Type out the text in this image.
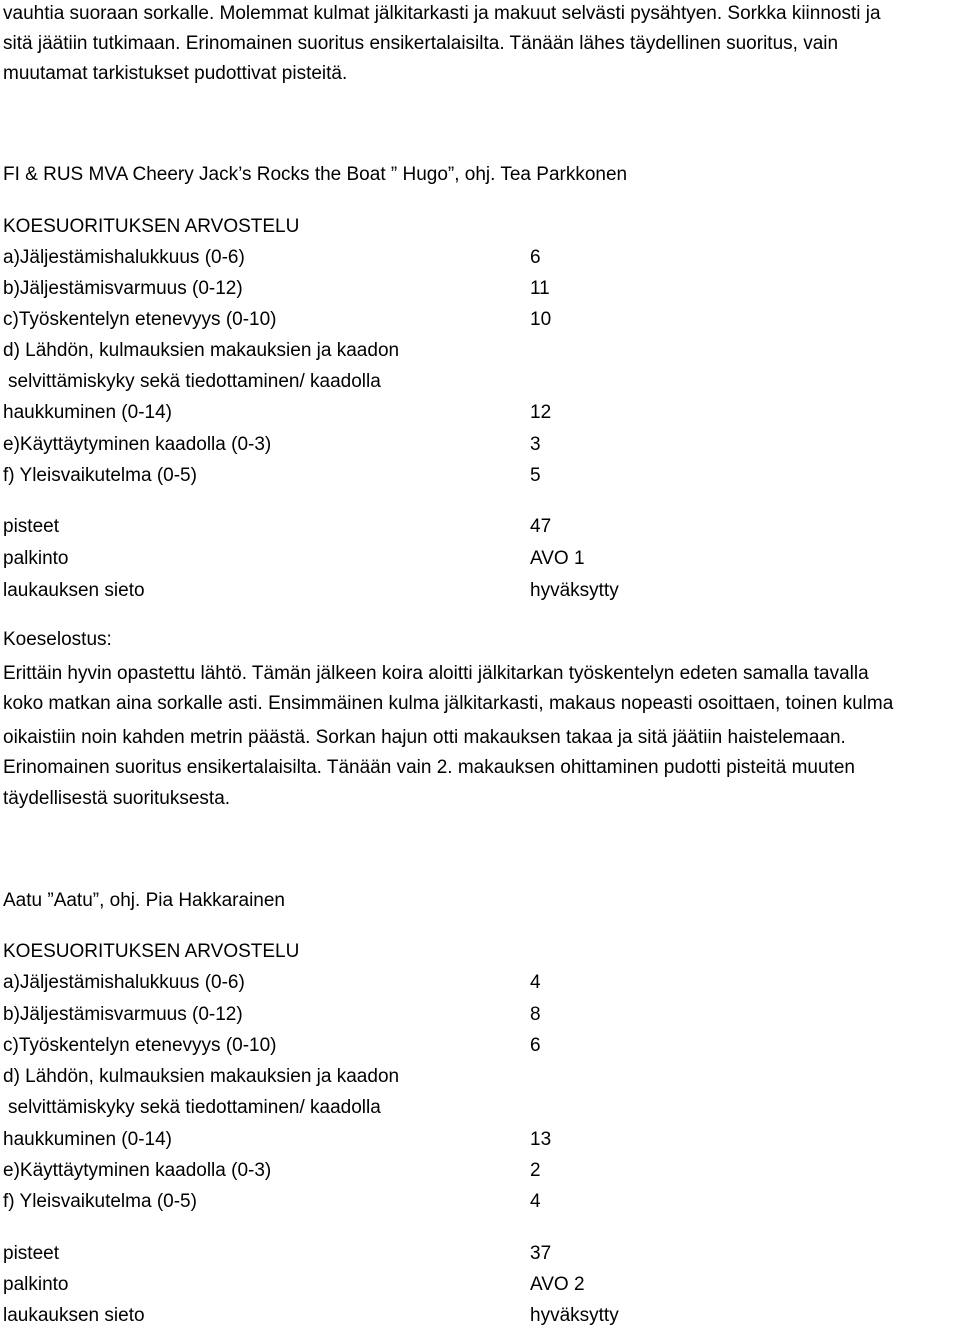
vauhtia suoraan sorkalle. Molemmat kulmat jälkitarkasti ja makuut selvästi pysähtyen. Sorkka kiinnosti ja
sitä jäätiin tutkimaan. Erinomainen suoritus ensikertalaisilta. Tänään lähes täydellinen suoritus, vain
muutamat tarkistukset pudottivat pisteitä.
FI & RUS MVA Cheery Jack’s Rocks the Boat ” Hugo”, ohj. Tea Parkkonen
KOESUORITUKSEN ARVOSTELU
a)Jäljestämishalukkuus (0-6)	6
b)Jäljestämisvarmuus (0-12)	11
c)Työskentelyn etenevyys (0-10)	10
d) Lähdön, kulmauksien makauksien ja kaadon
selvittämiskyky sekä tiedottaminen/ kaadolla
haukkuminen (0-14)	12
e)Käyttäytyminen kaadolla (0-3)	3
f) Yleisvaikutelma (0-5)	5
pisteet	47
palkinto	AVO 1
laukauksen sieto	hyväksytty
Koeselostus:
Erittäin hyvin opastettu lähtö. Tämän jälkeen koira aloitti jälkitarkan työskentelyn edeten samalla tavalla
koko matkan aina sorkalle asti. Ensimmäinen kulma jälkitarkasti, makaus nopeasti osoittaen, toinen kulma
oikaistiin noin kahden metrin päästä. Sorkan hajun otti makauksen takaa ja sitä jäätiin haistelemaan.
Erinomainen suoritus ensikertalaisilta. Tänään vain 2. makauksen ohittaminen pudotti pisteitä muuten
täydellisestä suorituksesta.
Aatu ”Aatu”, ohj. Pia Hakkarainen
KOESUORITUKSEN ARVOSTELU
a)Jäljestämishalukkuus (0-6)	4
b)Jäljestämisvarmuus (0-12)	8
c)Työskentelyn etenevyys (0-10)	6
d) Lähdön, kulmauksien makauksien ja kaadon
selvittämiskyky sekä tiedottaminen/ kaadolla
haukkuminen (0-14)	13
e)Käyttäytyminen kaadolla (0-3)	2
f) Yleisvaikutelma (0-5)	4
pisteet	37
palkinto	AVO 2
laukauksen sieto	hyväksytty
